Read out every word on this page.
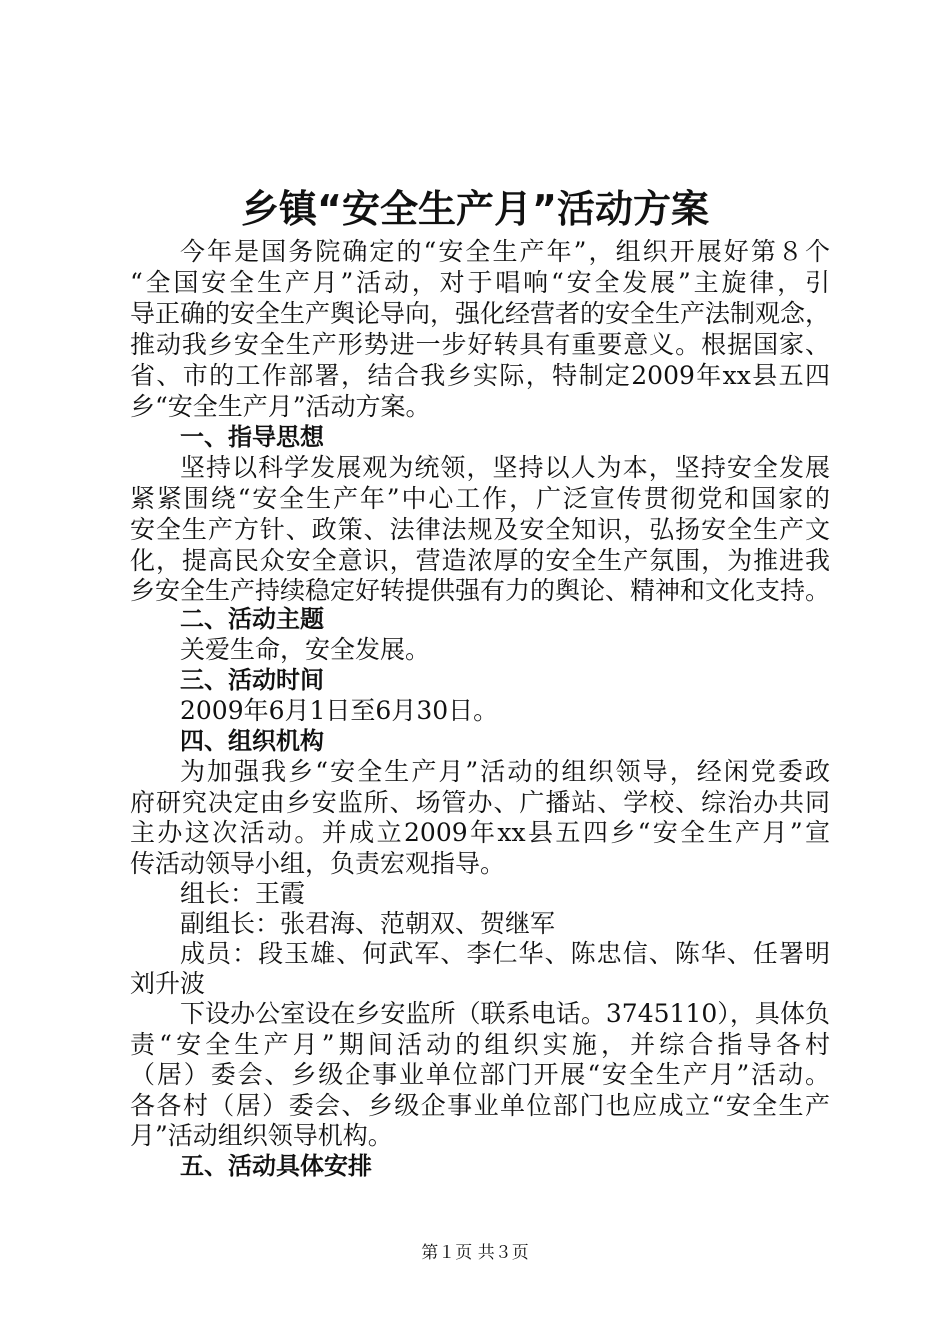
乡镇“安全生产月”活动方案
今年是国务院确定的“安全生产年”，组织开展好第８个
“全国安全生产月”活动，对于唱响“安全发展”主旋律，引
导正确的安全生产舆论导向，强化经营者的安全生产法制观念，
推动我乡安全生产形势进一步好转具有重要意义。根据国家、
省、市的工作部署，结合我乡实际，特制定2009年xx县五四
乡“安全生产月”活动方案。
一、指导思想
坚持以科学发展观为统领，坚持以人为本，坚持安全发展
紧紧围绕“安全生产年”中心工作，广泛宣传贯彻党和国家的
安全生产方针、政策、法律法规及安全知识，弘扬安全生产文
化，提高民众安全意识，营造浓厚的安全生产氛围，为推进我
乡安全生产持续稳定好转提供强有力的舆论、精神和文化支持。
二、活动主题
关爱生命，安全发展。
三、活动时间
2009年6月1日至6月30日。
四、组织机构
为加强我乡“安全生产月”活动的组织领导，经闲党委政
府研究决定由乡安监所、场管办、广播站、学校、综治办共同
主办这次活动。并成立2009年xx县五四乡“安全生产月”宣
传活动领导小组，负责宏观指导。
组长：王霞
副组长：张君海、范朝双、贺继军
成员：段玉雄、何武军、李仁华、陈忠信、陈华、任署明
刘升波
下设办公室设在乡安监所（联系电话。3745110），具体负
责“安全生产月”期间活动的组织实施，并综合指导各村
（居）委会、乡级企事业单位部门开展“安全生产月”活动。
各各村（居）委会、乡级企事业单位部门也应成立“安全生产
月”活动组织领导机构。
五、活动具体安排
第１页 共３页
